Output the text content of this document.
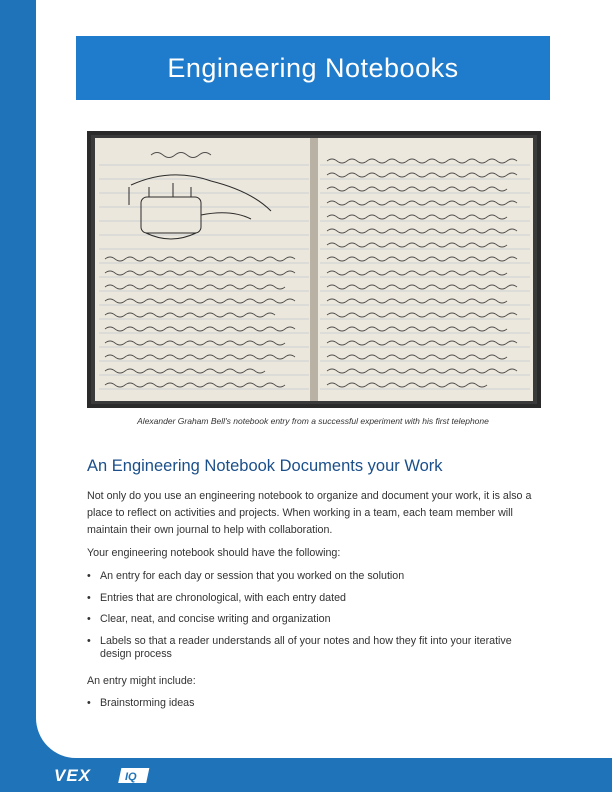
Engineering Notebooks
Alexander Graham Bell's notebook entry from a successful experiment with his first telephone
An Engineering Notebook Documents your Work

Not only do you use an engineering notebook to organize and document your work, it is also a place to reflect on activities and projects. When working in a team, each team member will maintain their own journal to help with collaboration.

Your engineering notebook should have the following:

• An entry for each day or session that you worked on the solution
• Entries that are chronological, with each entry dated
• Clear, neat, and concise writing and organization
• Labels so that a reader understands all of your notes and how they fit into your iterative design process

An entry might include:

• Brainstorming ideas
VEX	IQ
